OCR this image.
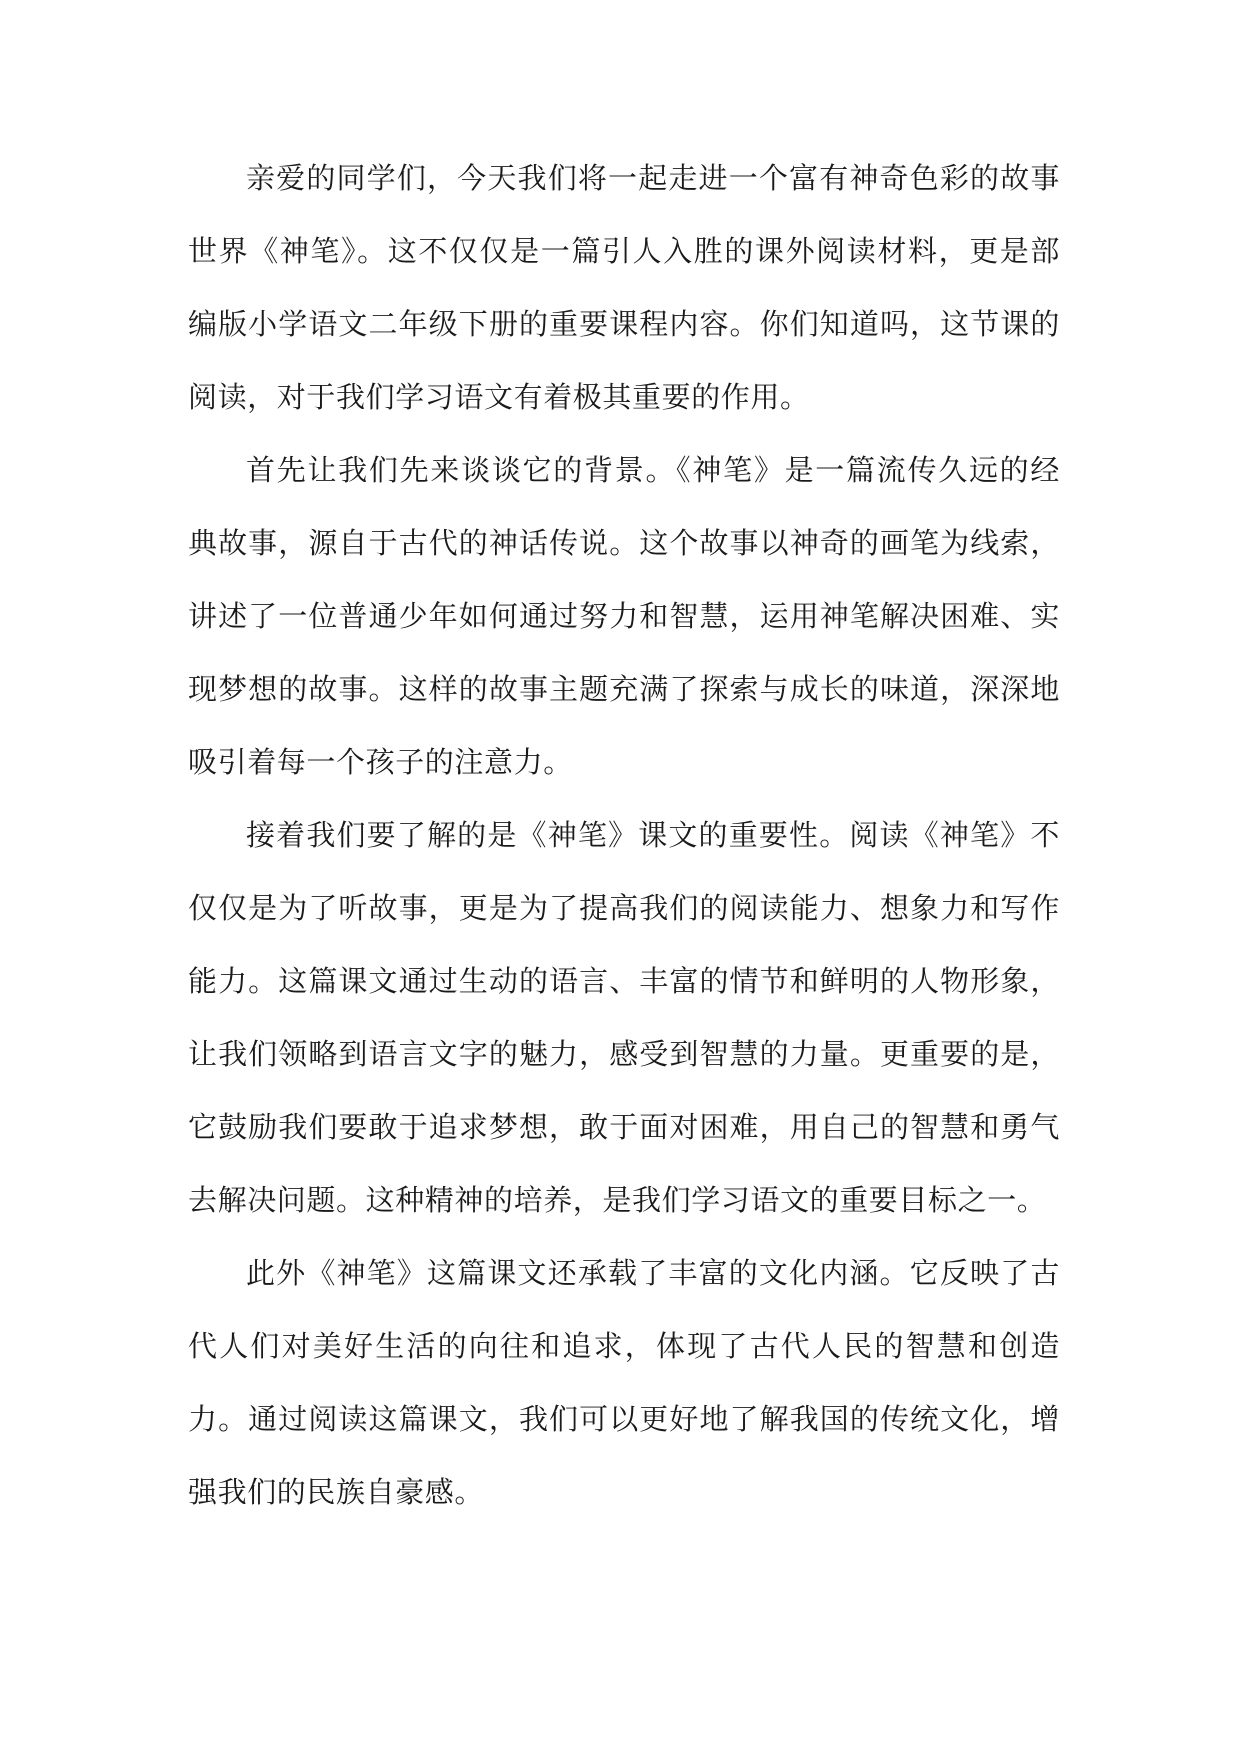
亲爱的同学们，今天我们将一起走进一个富有神奇色彩的故事世界《神笔》。这不仅仅是一篇引人入胜的课外阅读材料，更是部编版小学语文二年级下册的重要课程内容。你们知道吗，这节课的阅读，对于我们学习语文有着极其重要的作用。

首先让我们先来谈谈它的背景。《神笔》是一篇流传久远的经典故事，源自于古代的神话传说。这个故事以神奇的画笔为线索，讲述了一位普通少年如何通过努力和智慧，运用神笔解决困难、实现梦想的故事。这样的故事主题充满了探索与成长的味道，深深地吸引着每一个孩子的注意力。

接着我们要了解的是《神笔》课文的重要性。阅读《神笔》不仅仅是为了听故事，更是为了提高我们的阅读能力、想象力和写作能力。这篇课文通过生动的语言、丰富的情节和鲜明的人物形象，让我们领略到语言文字的魅力，感受到智慧的力量。更重要的是，它鼓励我们要敢于追求梦想，敢于面对困难，用自己的智慧和勇气去解决问题。这种精神的培养，是我们学习语文的重要目标之一。

此外《神笔》这篇课文还承载了丰富的文化内涵。它反映了古代人们对美好生活的向往和追求，体现了古代人民的智慧和创造力。通过阅读这篇课文，我们可以更好地了解我国的传统文化，增强我们的民族自豪感。
